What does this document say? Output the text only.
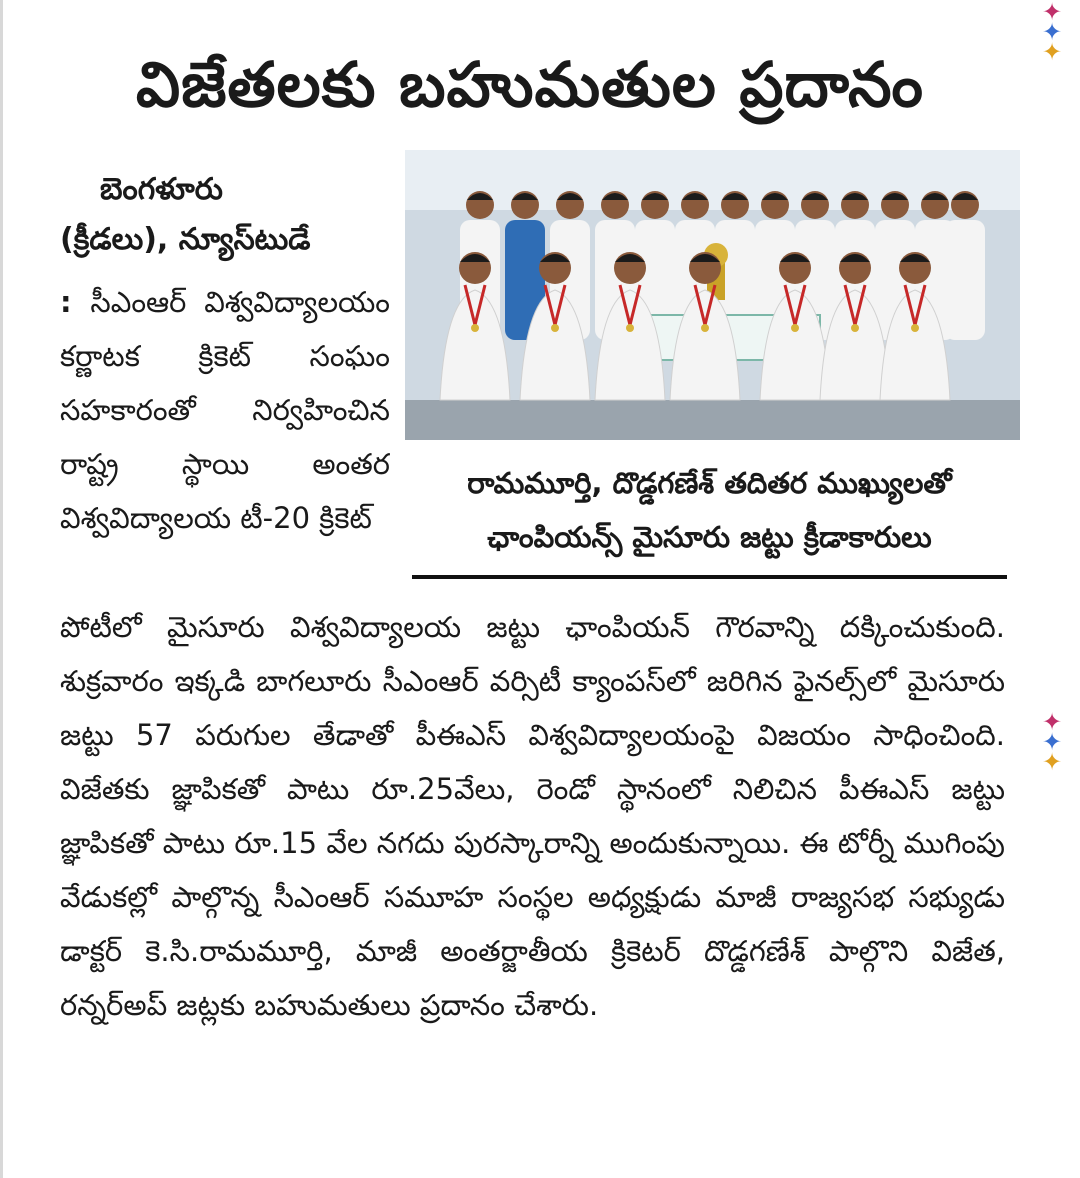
✦
✦
✦
✦
✦
✦
విజేతలకు బహుమతుల ప్రదానం
బెంగళూరు
(క్రీడలు), న్యూస్‌టుడే
: సీఎంఆర్ విశ్వవిద్యాలయం కర్ణాటక క్రికెట్ సంఘం సహకారంతో నిర్వహించిన రాష్ట్ర స్థాయి అంతర విశ్వవిద్యాలయ టీ-20 క్రికెట్
రామమూర్తి, దొడ్డగణేశ్ తదితర ముఖ్యులతో
ఛాంపియన్స్ మైసూరు జట్టు క్రీడాకారులు
పోటీలో మైసూరు విశ్వవిద్యాలయ జట్టు ఛాంపియన్ గౌరవాన్ని దక్కించుకుంది. శుక్రవారం ఇక్కడి బాగలూరు సీఎంఆర్ వర్సిటీ క్యాంపస్‌లో జరిగిన ఫైనల్స్‌లో మైసూరు జట్టు 57 పరుగుల తేడాతో పీఈఎస్ విశ్వవిద్యాలయంపై విజయం సాధించింది. విజేతకు జ్ఞాపికతో పాటు రూ.25వేలు, రెండో స్థానంలో నిలిచిన పీఈఎస్ జట్టు జ్ఞాపికతో పాటు రూ.15 వేల నగదు పురస్కారాన్ని అందుకున్నాయి. ఈ టోర్నీ ముగింపు వేడుకల్లో పాల్గొన్న సీఎంఆర్ సమూహ సంస్థల అధ్యక్షుడు మాజీ రాజ్యసభ సభ్యుడు డాక్టర్ కె.సి.రామమూర్తి, మాజీ అంతర్జాతీయ క్రికెటర్ దొడ్డగణేశ్ పాల్గొని విజేత, రన్నర్‌అప్ జట్లకు బహుమతులు ప్రదానం చేశారు.
